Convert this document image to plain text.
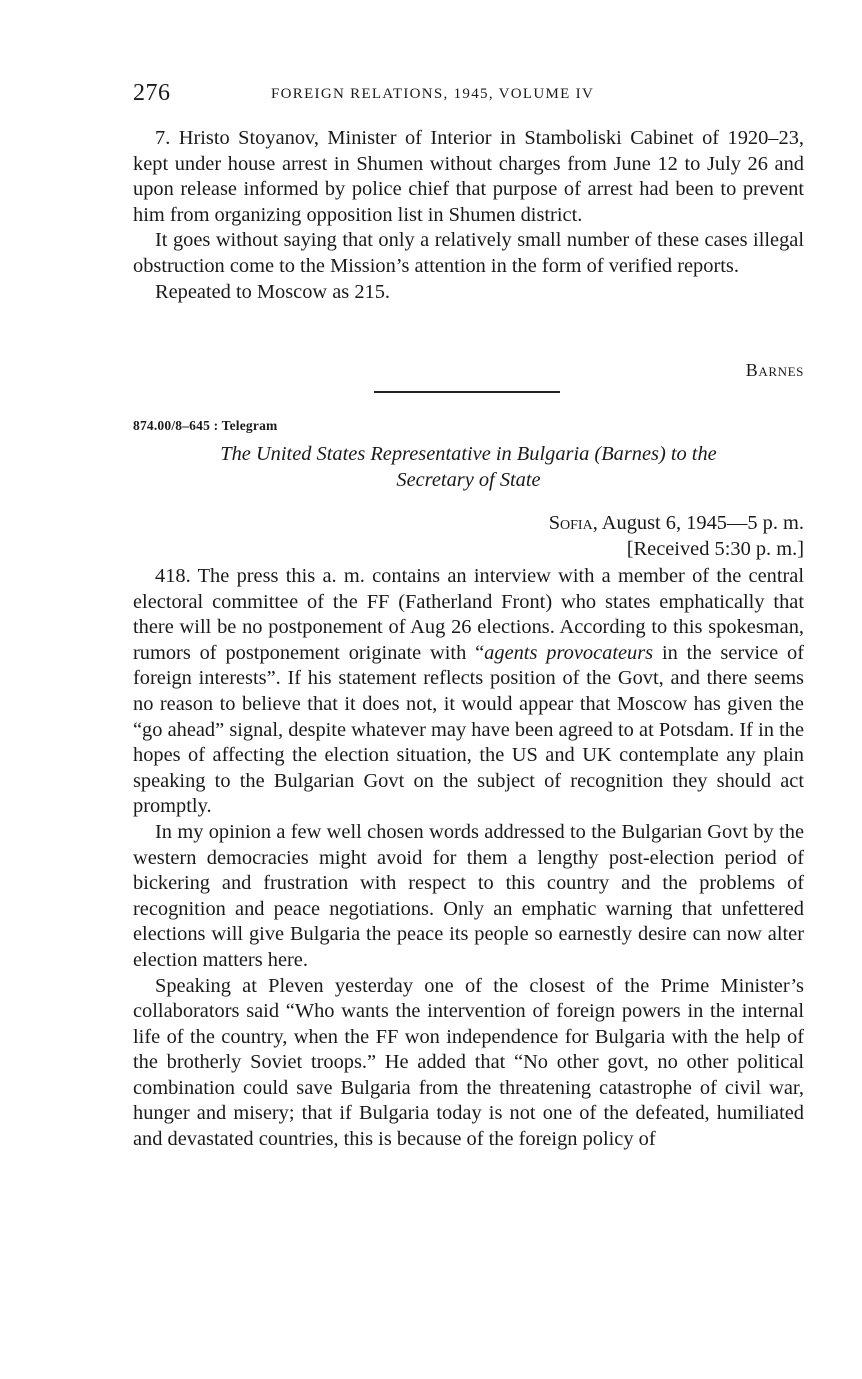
276	FOREIGN RELATIONS, 1945, VOLUME IV

7. Hristo Stoyanov, Minister of Interior in Stamboliski Cabinet of 1920–23, kept under house arrest in Shumen without charges from June 12 to July 26 and upon release informed by police chief that purpose of arrest had been to prevent him from organizing opposition list in Shumen district.

It goes without saying that only a relatively small number of these cases illegal obstruction come to the Mission’s attention in the form of verified reports.

Repeated to Moscow as 215.

Barnes
874.00/8–645 : Telegram
The United States Representative in Bulgaria (Barnes) to the
Secretary of State
Sofia, August 6, 1945—5 p. m.
[Received 5:30 p. m.]

418. The press this a. m. contains an interview with a member of the central electoral committee of the FF (Fatherland Front) who states emphatically that there will be no postponement of Aug 26 elections. According to this spokesman, rumors of postponement originate with “agents provocateurs in the service of foreign interests”. If his statement reflects position of the Govt, and there seems no reason to believe that it does not, it would appear that Moscow has given the “go ahead” signal, despite whatever may have been agreed to at Potsdam. If in the hopes of affecting the election situation, the US and UK contemplate any plain speaking to the Bulgarian Govt on the subject of recognition they should act promptly.

In my opinion a few well chosen words addressed to the Bulgarian Govt by the western democracies might avoid for them a lengthy post-election period of bickering and frustration with respect to this country and the problems of recognition and peace negotiations. Only an emphatic warning that unfettered elections will give Bulgaria the peace its people so earnestly desire can now alter election matters here.

Speaking at Pleven yesterday one of the closest of the Prime Minister’s collaborators said “Who wants the intervention of foreign powers in the internal life of the country, when the FF won independence for Bulgaria with the help of the brotherly Soviet troops.” He added that “No other govt, no other political combination could save Bulgaria from the threatening catastrophe of civil war, hunger and misery; that if Bulgaria today is not one of the defeated, humiliated and devastated countries, this is because of the foreign policy of
